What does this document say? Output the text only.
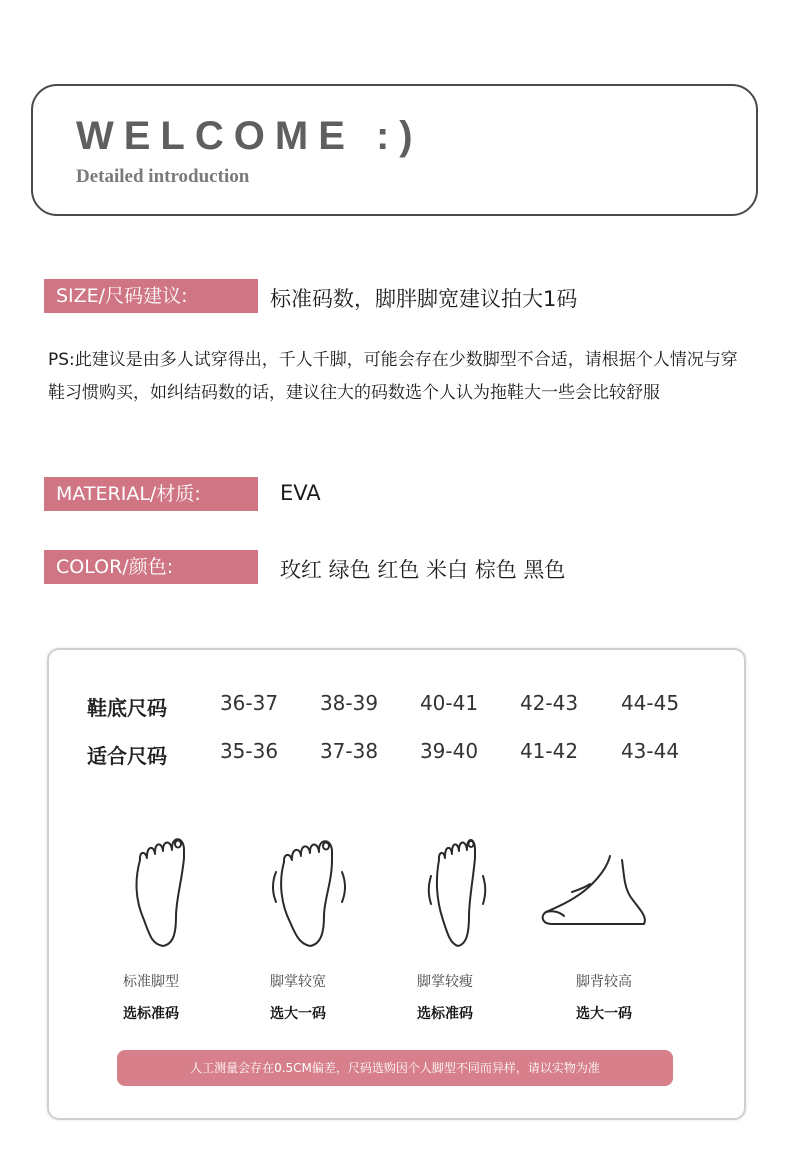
WELCOME :)

Detailed introduction

SIZE/尺码建议:	标准码数，脚胖脚宽建议拍大1码

PS:此建议是由多人试穿得出，千人千脚，可能会存在少数脚型不合适，请根据个人情况与穿鞋习惯购买，如纠结码数的话，建议往大的码数选个人认为拖鞋大一些会比较舒服

MATERIAL/材质:	EVA
COLOR/颜色:	玫红 绿色 红色 米白 棕色 黑色
鞋底尺码	36-37	38-39	40-41	42-43	44-45
适合尺码	35-36	37-38	39-40	41-42	43-44
标准脚型
选标准码
脚掌较宽
选大一码
脚掌较瘦
选标准码
脚背较高
选大一码
人工测量会存在0.5CM偏差，尺码选购因个人脚型不同而异样，请以实物为准
